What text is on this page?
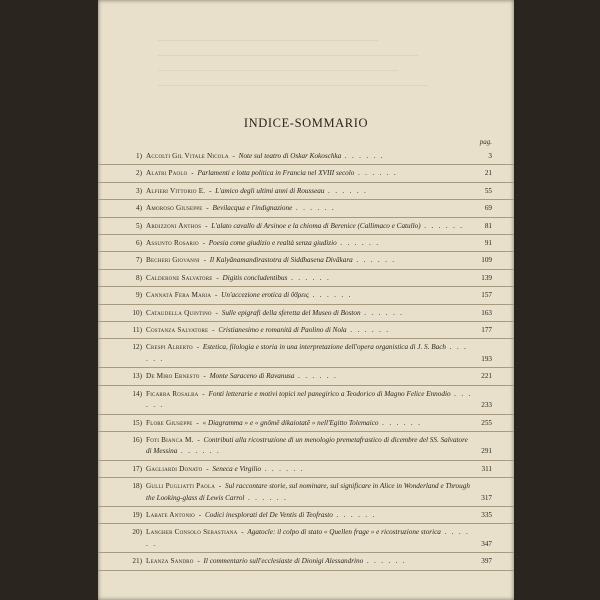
INDICE-SOMMARIO
pag.
1) Accolti Gil Vitale Nicola - Note sul teatro di Oskar Kokoschka . . . . . .	3
2) Alatri Paolo - Parlamenti e lotta politica in Francia nel XVIII secolo . . . . . .	21
3) Alfieri Vittorio E. - L'amico degli ultimi anni di Rousseau . . . . . .	55
4) Amoroso Giuseppe - Bevilacqua e l'indignazione . . . . . .	69
5) Ardizzoni Anthos - L'alato cavallo di Arsinoe e la chioma di Berenice (Callimaco e Catullo) . . . . . .	81
6) Assunto Rosario - Poesia come giudizio e realtà senza giudizio . . . . . .	91
7) Becheri Giovanni - Il Kalyānamandirastotra di Siddhasena Divākara . . . . . .	109
8) Calderone Salvatore - Digitis concludentibus . . . . . .	139
9) Cannatà Fera Maria - Un'accezione erotica di ὕϐρεις . . . . . .	157
10) Cataudella Quintino - Sulle epigrafi della sferetta del Museo di Boston . . . . . .	163
11) Costanza Salvatore - Cristianesimo e romanità di Paolino di Nola . . . . . .	177
12) Crespi Alberto - Estetica, filologia e storia in una interpretazione dell'opera organistica di J. S. Bach . . . . . .	193
13) De Miro Ernesto - Monte Saraceno di Ravanusa . . . . . .	221
14) Ficarra Rosalba - Fonti letterarie e motivi topici nel panegirico a Teodorico di Magno Felice Ennodio . . . . . .	233
15) Flore Giuseppe - « Diagramma » e « gnômē dikaiotatē » nell'Egitto Tolemaico . . . . . .	255
16) Foti Bianca M. - Contributi alla ricostruzione di un menologio premetafrastico di dicembre del SS. Salvatore di Messina . . . . . .	291
17) Gagliardi Donato - Seneca e Virgilio . . . . . .	311
18) Gulli Pugliatti Paola - Sul raccontare storie, sul nominare, sul significare in Alice in Wonderland e Through the Looking-glass di Lewis Carrol . . . . . .	317
19) Labate Antonio - Codici inesplorati del De Ventis di Teofrasto . . . . . .	335
20) Langher Consolo Sebastiana - Agatocle: il colpo di stato « Quellen frage » e ricostruzione storica . . . . . .	347
21) Leanza Sandro - Il commentario sull'ecclesiaste di Dionigi Alessandrino . . . . . .	397
